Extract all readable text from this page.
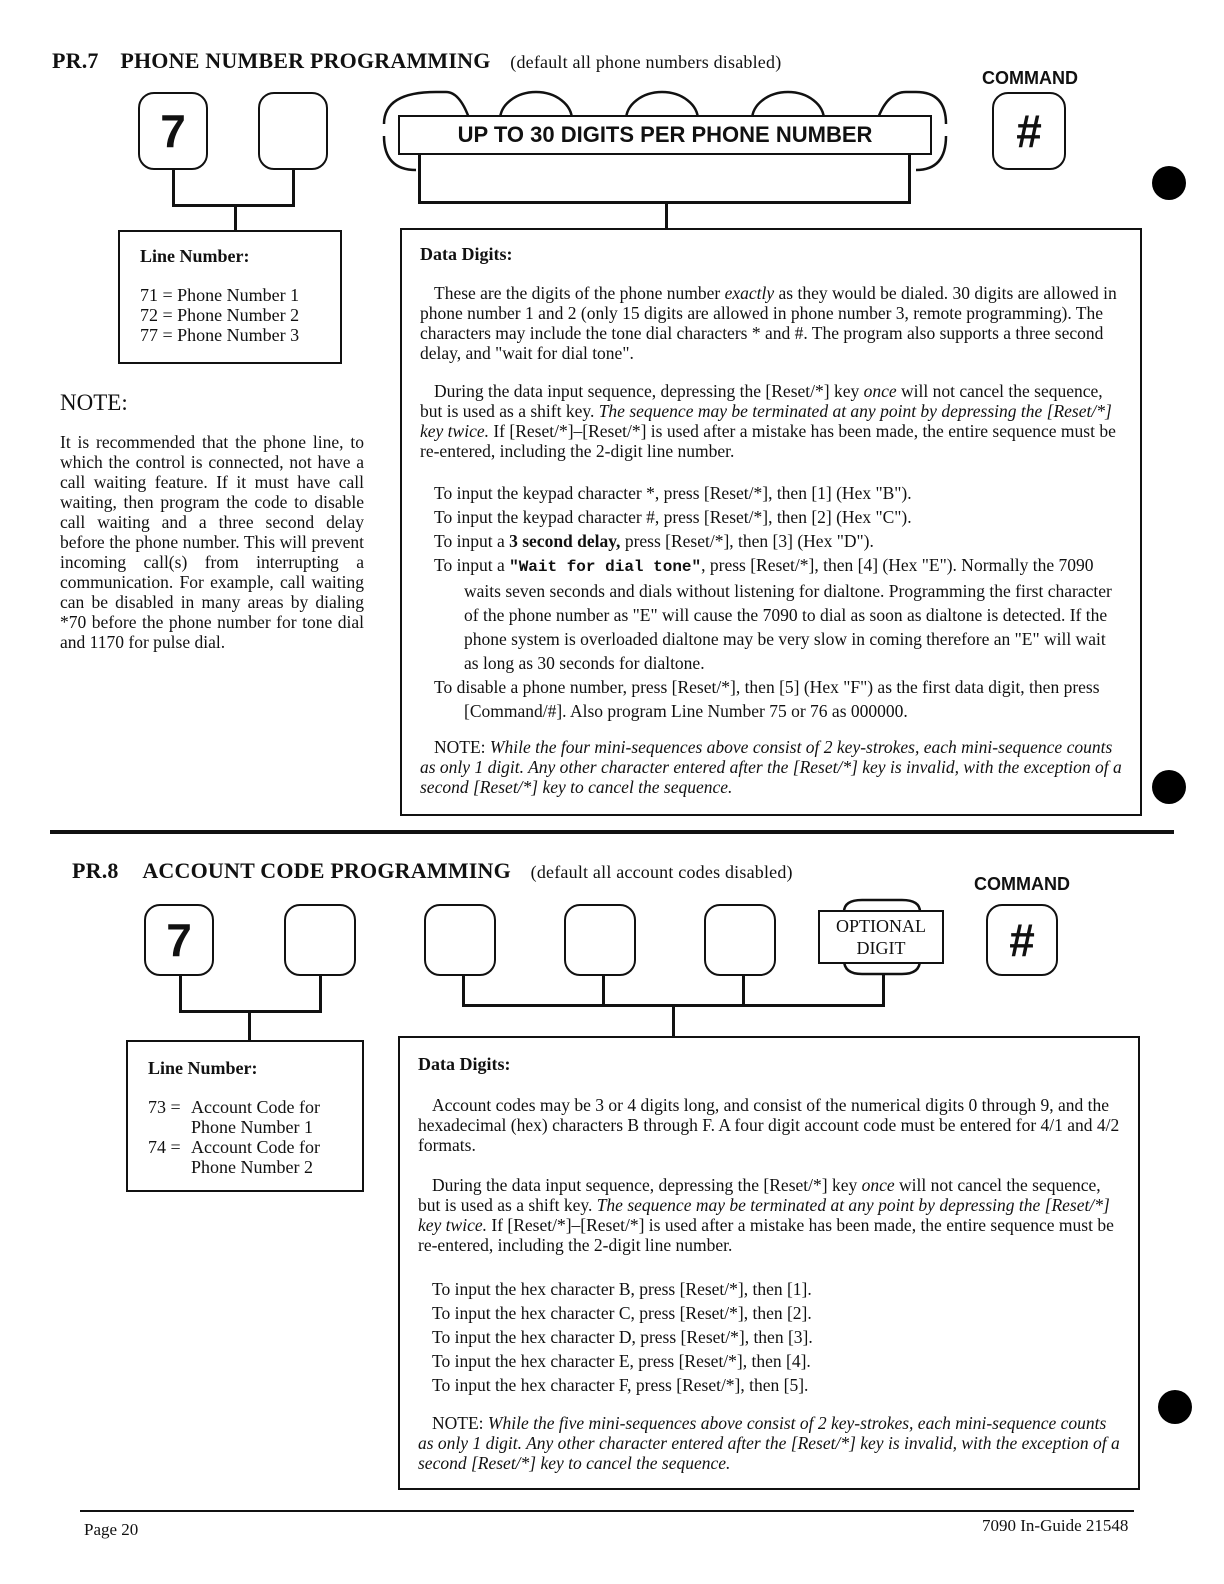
PR.7 PHONE NUMBER PROGRAMMING (default all phone numbers disabled)
COMMAND
7	#
UP TO 30 DIGITS PER PHONE NUMBER
Line Number:
71 = Phone Number 1
72 = Phone Number 2
77 = Phone Number 3
NOTE:
It is recommended that the phone line, to which the control is connected, not have a call waiting feature. If it must have call waiting, then program the code to disable call waiting and a three second delay before the phone number. This will prevent incoming call(s) from interrupting a communication. For example, call waiting can be disabled in many areas by dialing *70 before the phone number for tone dial and 1170 for pulse dial.
Data Digits:

These are the digits of the phone number exactly as they would be dialed. 30 digits are allowed in phone number 1 and 2 (only 15 digits are allowed in phone number 3, remote programming). The characters may include the tone dial characters * and #. The program also supports a three second delay, and "wait for dial tone".

During the data input sequence, depressing the [Reset/*] key once will not cancel the sequence, but is used as a shift key. The sequence may be terminated at any point by depressing the [Reset/*] key twice. If [Reset/*]–[Reset/*] is used after a mistake has been made, the entire sequence must be re-entered, including the 2-digit line number.

To input the keypad character *, press [Reset/*], then [1] (Hex "B").
To input the keypad character #, press [Reset/*], then [2] (Hex "C").
To input a 3 second delay, press [Reset/*], then [3] (Hex "D").
To input a "Wait for dial tone", press [Reset/*], then [4] (Hex "E"). Normally the 7090 waits seven seconds and dials without listening for dialtone. Programming the first character of the phone number as "E" will cause the 7090 to dial as soon as dialtone is detected. If the phone system is overloaded dialtone may be very slow in coming therefore an "E" will wait as long as 30 seconds for dialtone.
To disable a phone number, press [Reset/*], then [5] (Hex "F") as the first data digit, then press [Command/#]. Also program Line Number 75 or 76 as 000000.

NOTE: While the four mini-sequences above consist of 2 key-strokes, each mini-sequence counts as only 1 digit. Any other character entered after the [Reset/*] key is invalid, with the exception of a second [Reset/*] key to cancel the sequence.

PR.8 ACCOUNT CODE PROGRAMMING (default all account codes disabled)
COMMAND
7	#
OPTIONAL
DIGIT
Line Number:
73 = Account Code for
Phone Number 1
74 = Account Code for
Phone Number 2
Data Digits:

Account codes may be 3 or 4 digits long, and consist of the numerical digits 0 through 9, and the hexadecimal (hex) characters B through F. A four digit account code must be entered for 4/1 and 4/2 formats.

During the data input sequence, depressing the [Reset/*] key once will not cancel the sequence, but is used as a shift key. The sequence may be terminated at any point by depressing the [Reset/*] key twice. If [Reset/*]–[Reset/*] is used after a mistake has been made, the entire sequence must be re-entered, including the 2-digit line number.

To input the hex character B, press [Reset/*], then [1].
To input the hex character C, press [Reset/*], then [2].
To input the hex character D, press [Reset/*], then [3].
To input the hex character E, press [Reset/*], then [4].
To input the hex character F, press [Reset/*], then [5].

NOTE: While the five mini-sequences above consist of 2 key-strokes, each mini-sequence counts as only 1 digit. Any other character entered after the [Reset/*] key is invalid, with the exception of a second [Reset/*] key to cancel the sequence.

Page 20	7090 In-Guide 21548
